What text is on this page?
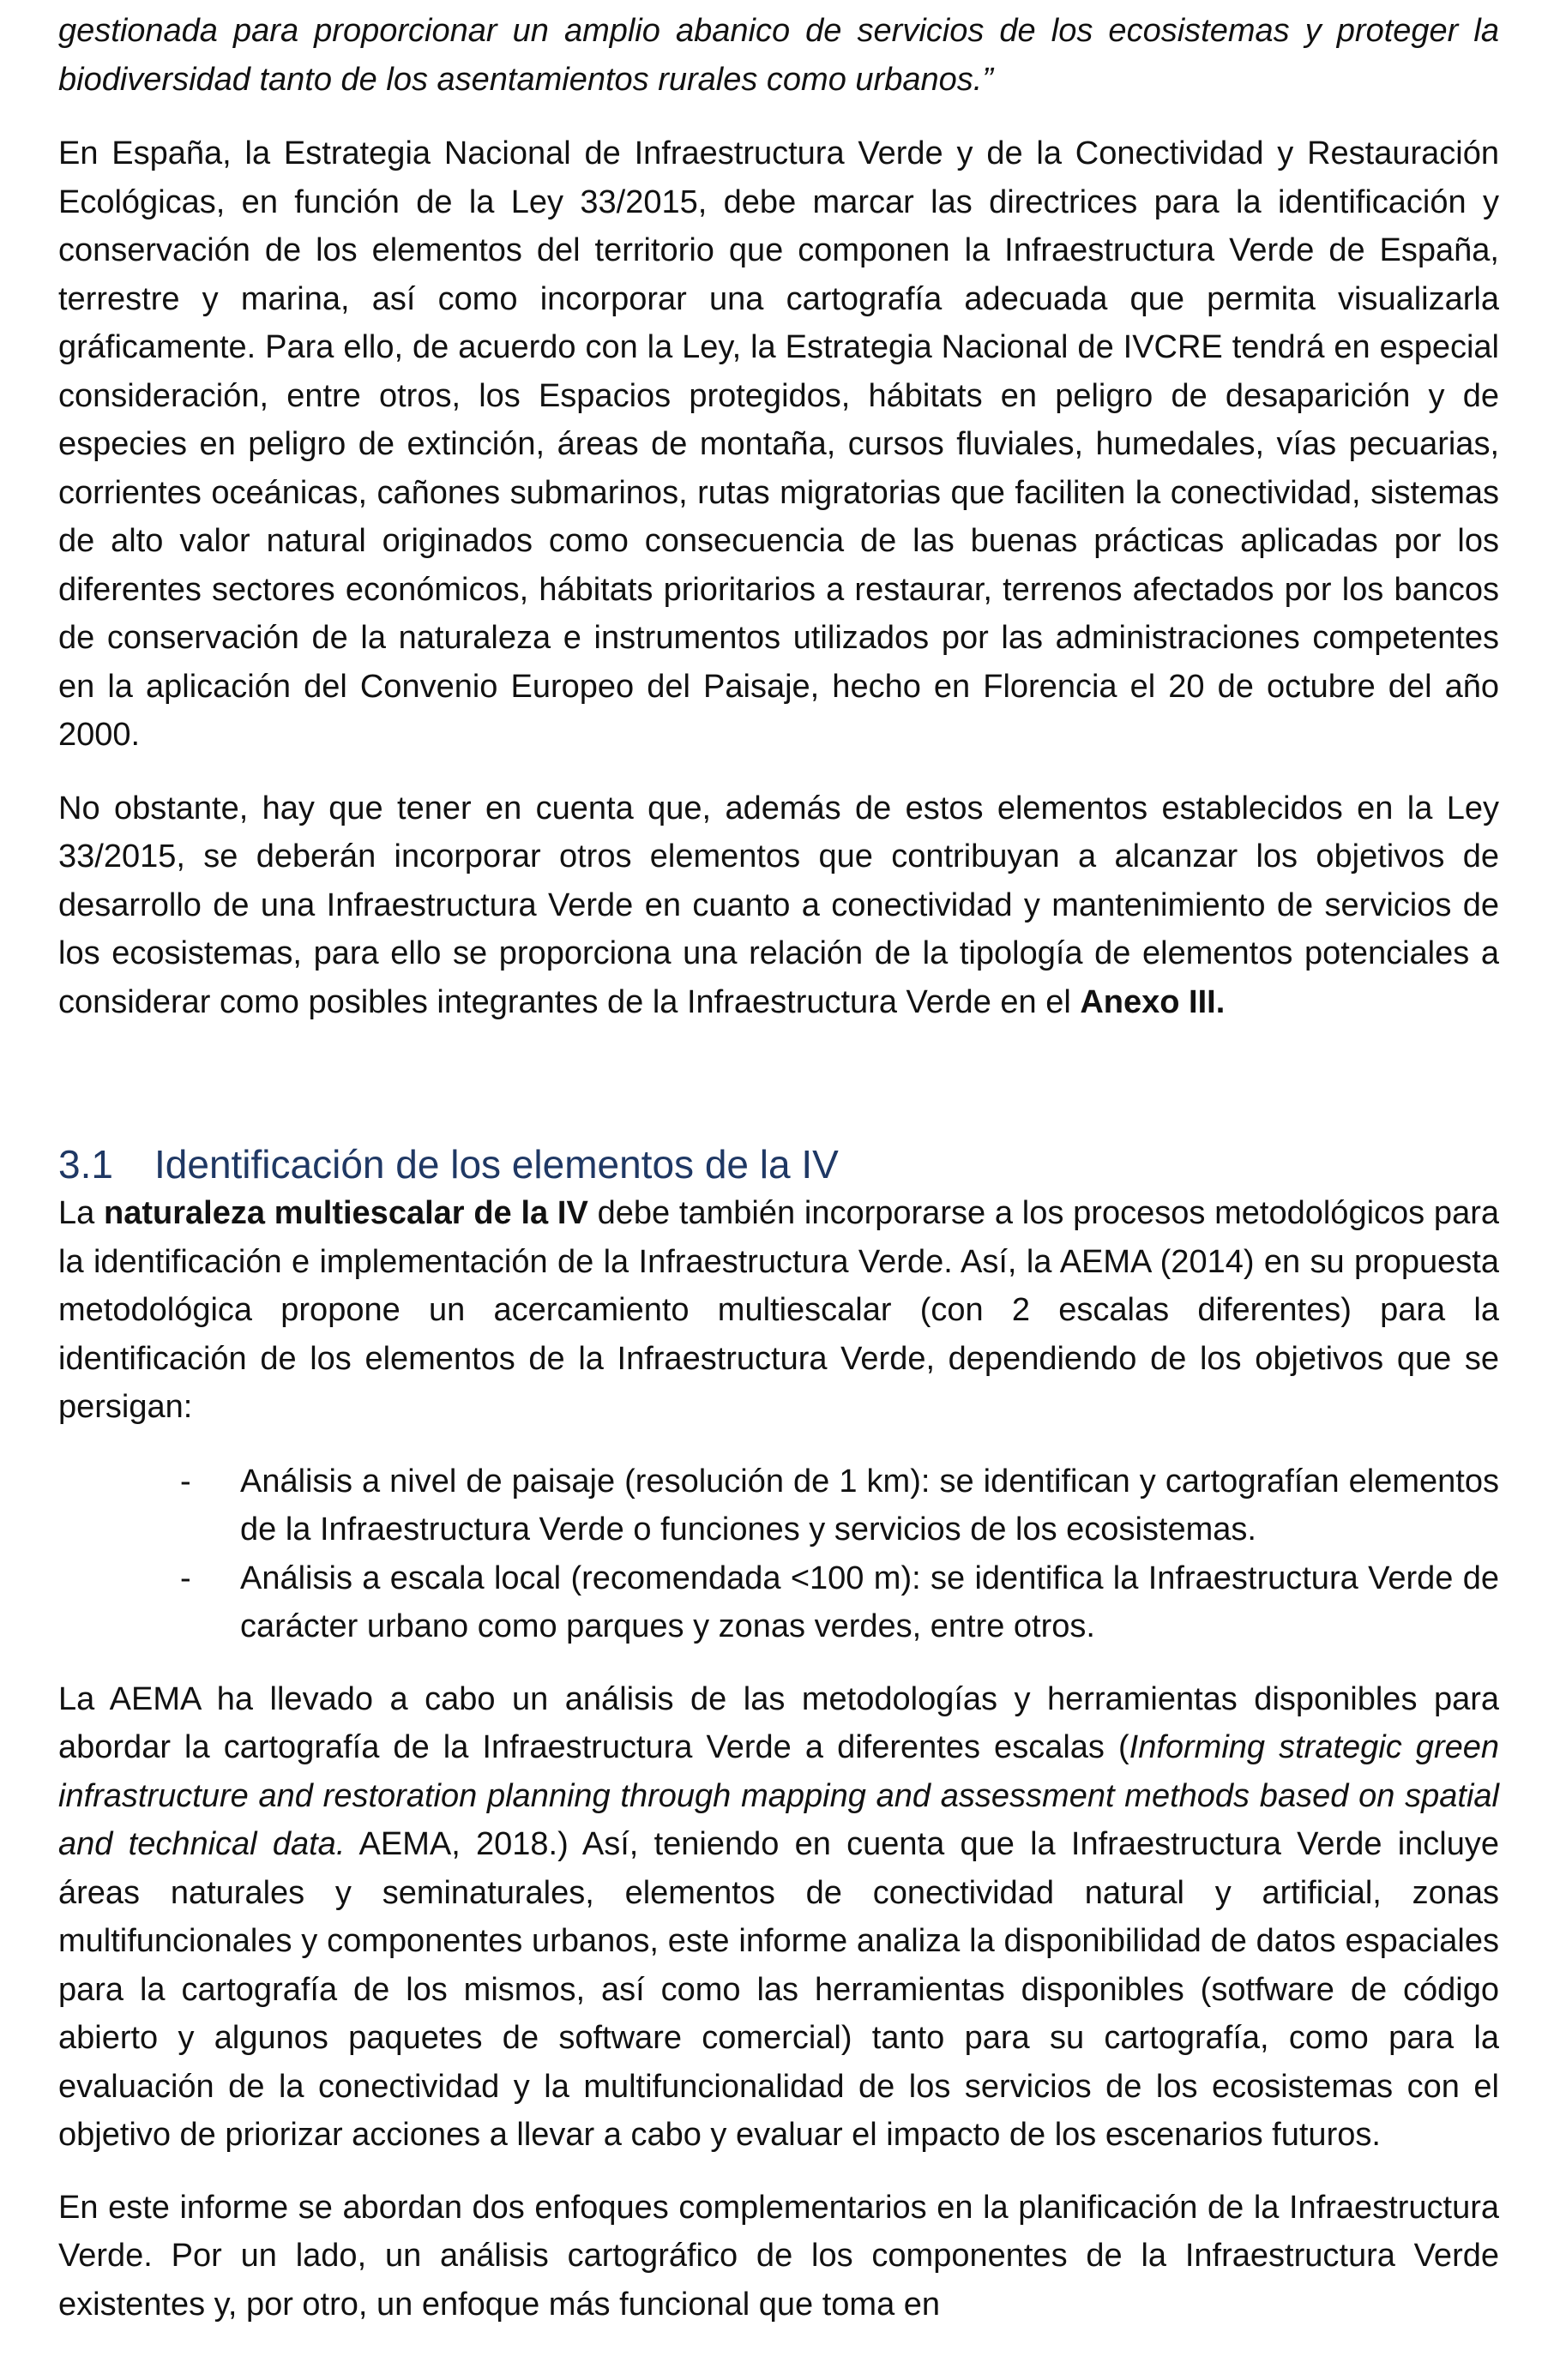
gestionada para proporcionar un amplio abanico de servicios de los ecosistemas y proteger la biodiversidad tanto de los asentamientos rurales como urbanos.”

En España, la Estrategia Nacional de Infraestructura Verde y de la Conectividad y Restauración Ecológicas, en función de la Ley 33/2015, debe marcar las directrices para la identificación y conservación de los elementos del territorio que componen la Infraestructura Verde de España, terrestre y marina, así como incorporar una cartografía adecuada que permita visualizarla gráficamente. Para ello, de acuerdo con la Ley, la Estrategia Nacional de IVCRE tendrá en especial consideración, entre otros, los Espacios protegidos, hábitats en peligro de desaparición y de especies en peligro de extinción, áreas de montaña, cursos fluviales, humedales, vías pecuarias, corrientes oceánicas, cañones submarinos, rutas migratorias que faciliten la conectividad, sistemas de alto valor natural originados como consecuencia de las buenas prácticas aplicadas por los diferentes sectores económicos, hábitats prioritarios a restaurar, terrenos afectados por los bancos de conservación de la naturaleza e instrumentos utilizados por las administraciones competentes en la aplicación del Convenio Europeo del Paisaje, hecho en Florencia el 20 de octubre del año 2000.

No obstante, hay que tener en cuenta que, además de estos elementos establecidos en la Ley 33/2015, se deberán incorporar otros elementos que contribuyan a alcanzar los objetivos de desarrollo de una Infraestructura Verde en cuanto a conectividad y mantenimiento de servicios de los ecosistemas, para ello se proporciona una relación de la tipología de elementos potenciales a considerar como posibles integrantes de la Infraestructura Verde en el Anexo III.

3.1	Identificación de los elementos de la IV

La naturaleza multiescalar de la IV debe también incorporarse a los procesos metodológicos para la identificación e implementación de la Infraestructura Verde. Así, la AEMA (2014) en su propuesta metodológica propone un acercamiento multiescalar (con 2 escalas diferentes) para la identificación de los elementos de la Infraestructura Verde, dependiendo de los objetivos que se persigan:

-	Análisis a nivel de paisaje (resolución de 1 km): se identifican y cartografían elementos de la Infraestructura Verde o funciones y servicios de los ecosistemas.
-	Análisis a escala local (recomendada <100 m): se identifica la Infraestructura Verde de carácter urbano como parques y zonas verdes, entre otros.

La AEMA ha llevado a cabo un análisis de las metodologías y herramientas disponibles para abordar la cartografía de la Infraestructura Verde a diferentes escalas (Informing strategic green infrastructure and restoration planning through mapping and assessment methods based on spatial and technical data. AEMA, 2018.) Así, teniendo en cuenta que la Infraestructura Verde incluye áreas naturales y seminaturales, elementos de conectividad natural y artificial, zonas multifuncionales y componentes urbanos, este informe analiza la disponibilidad de datos espaciales para la cartografía de los mismos, así como las herramientas disponibles (sotfware de código abierto y algunos paquetes de software comercial) tanto para su cartografía, como para la evaluación de la conectividad y la multifuncionalidad de los servicios de los ecosistemas con el objetivo de priorizar acciones a llevar a cabo y evaluar el impacto de los escenarios futuros.

En este informe se abordan dos enfoques complementarios en la planificación de la Infraestructura Verde. Por un lado, un análisis cartográfico de los componentes de la Infraestructura Verde existentes y, por otro, un enfoque más funcional que toma en
